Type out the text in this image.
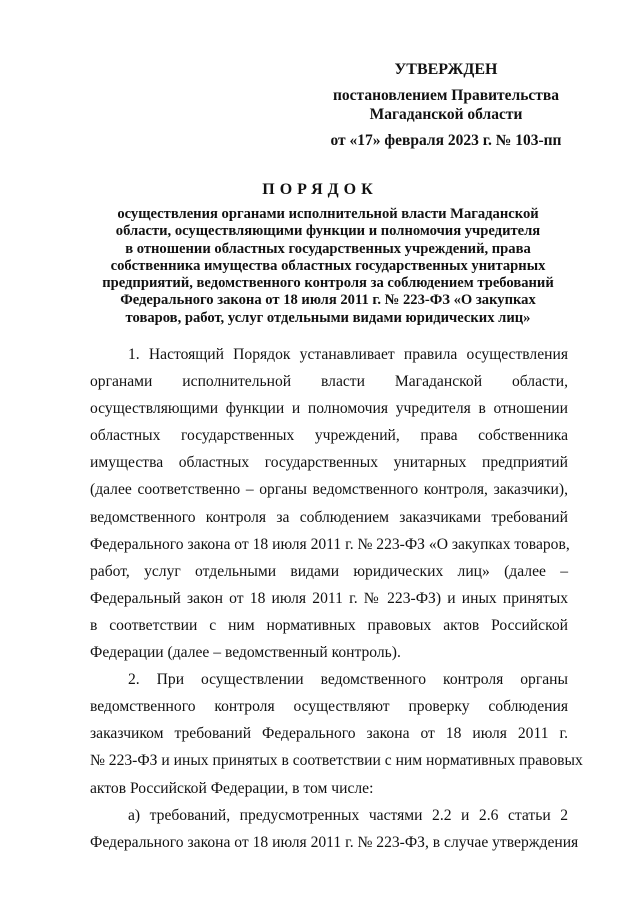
УТВЕРЖДЕН
постановлением Правительства
Магаданской области
от «17» февраля 2023 г. № 103-пп
ПОРЯДОК
осуществления органами исполнительной власти Магаданской
области, осуществляющими функции и полномочия учредителя
в отношении областных государственных учреждений, права
собственника имущества областных государственных унитарных
предприятий, ведомственного контроля за соблюдением требований
Федерального закона от 18 июля 2011 г. № 223-ФЗ «О закупках
товаров, работ, услуг отдельными видами юридических лиц»
1. Настоящий Порядок устанавливает правила осуществления
органами исполнительной власти Магаданской области,
осуществляющими функции и полномочия учредителя в отношении
областных государственных учреждений, права собственника
имущества областных государственных унитарных предприятий
(далее соответственно – органы ведомственного контроля, заказчики),
ведомственного контроля за соблюдением заказчиками требований
Федерального закона от 18 июля 2011 г. № 223-ФЗ «О закупках товаров,
работ, услуг отдельными видами юридических лиц» (далее –
Федеральный закон от 18 июля 2011 г. № 223-ФЗ) и иных принятых
в соответствии с ним нормативных правовых актов Российской
Федерации (далее – ведомственный контроль).
2. При осуществлении ведомственного контроля органы
ведомственного контроля осуществляют проверку соблюдения
заказчиком требований Федерального закона от 18 июля 2011 г.
№ 223-ФЗ и иных принятых в соответствии с ним нормативных правовых
актов Российской Федерации, в том числе:
а) требований, предусмотренных частями 2.2 и 2.6 статьи 2
Федерального закона от 18 июля 2011 г. № 223-ФЗ, в случае утверждения
